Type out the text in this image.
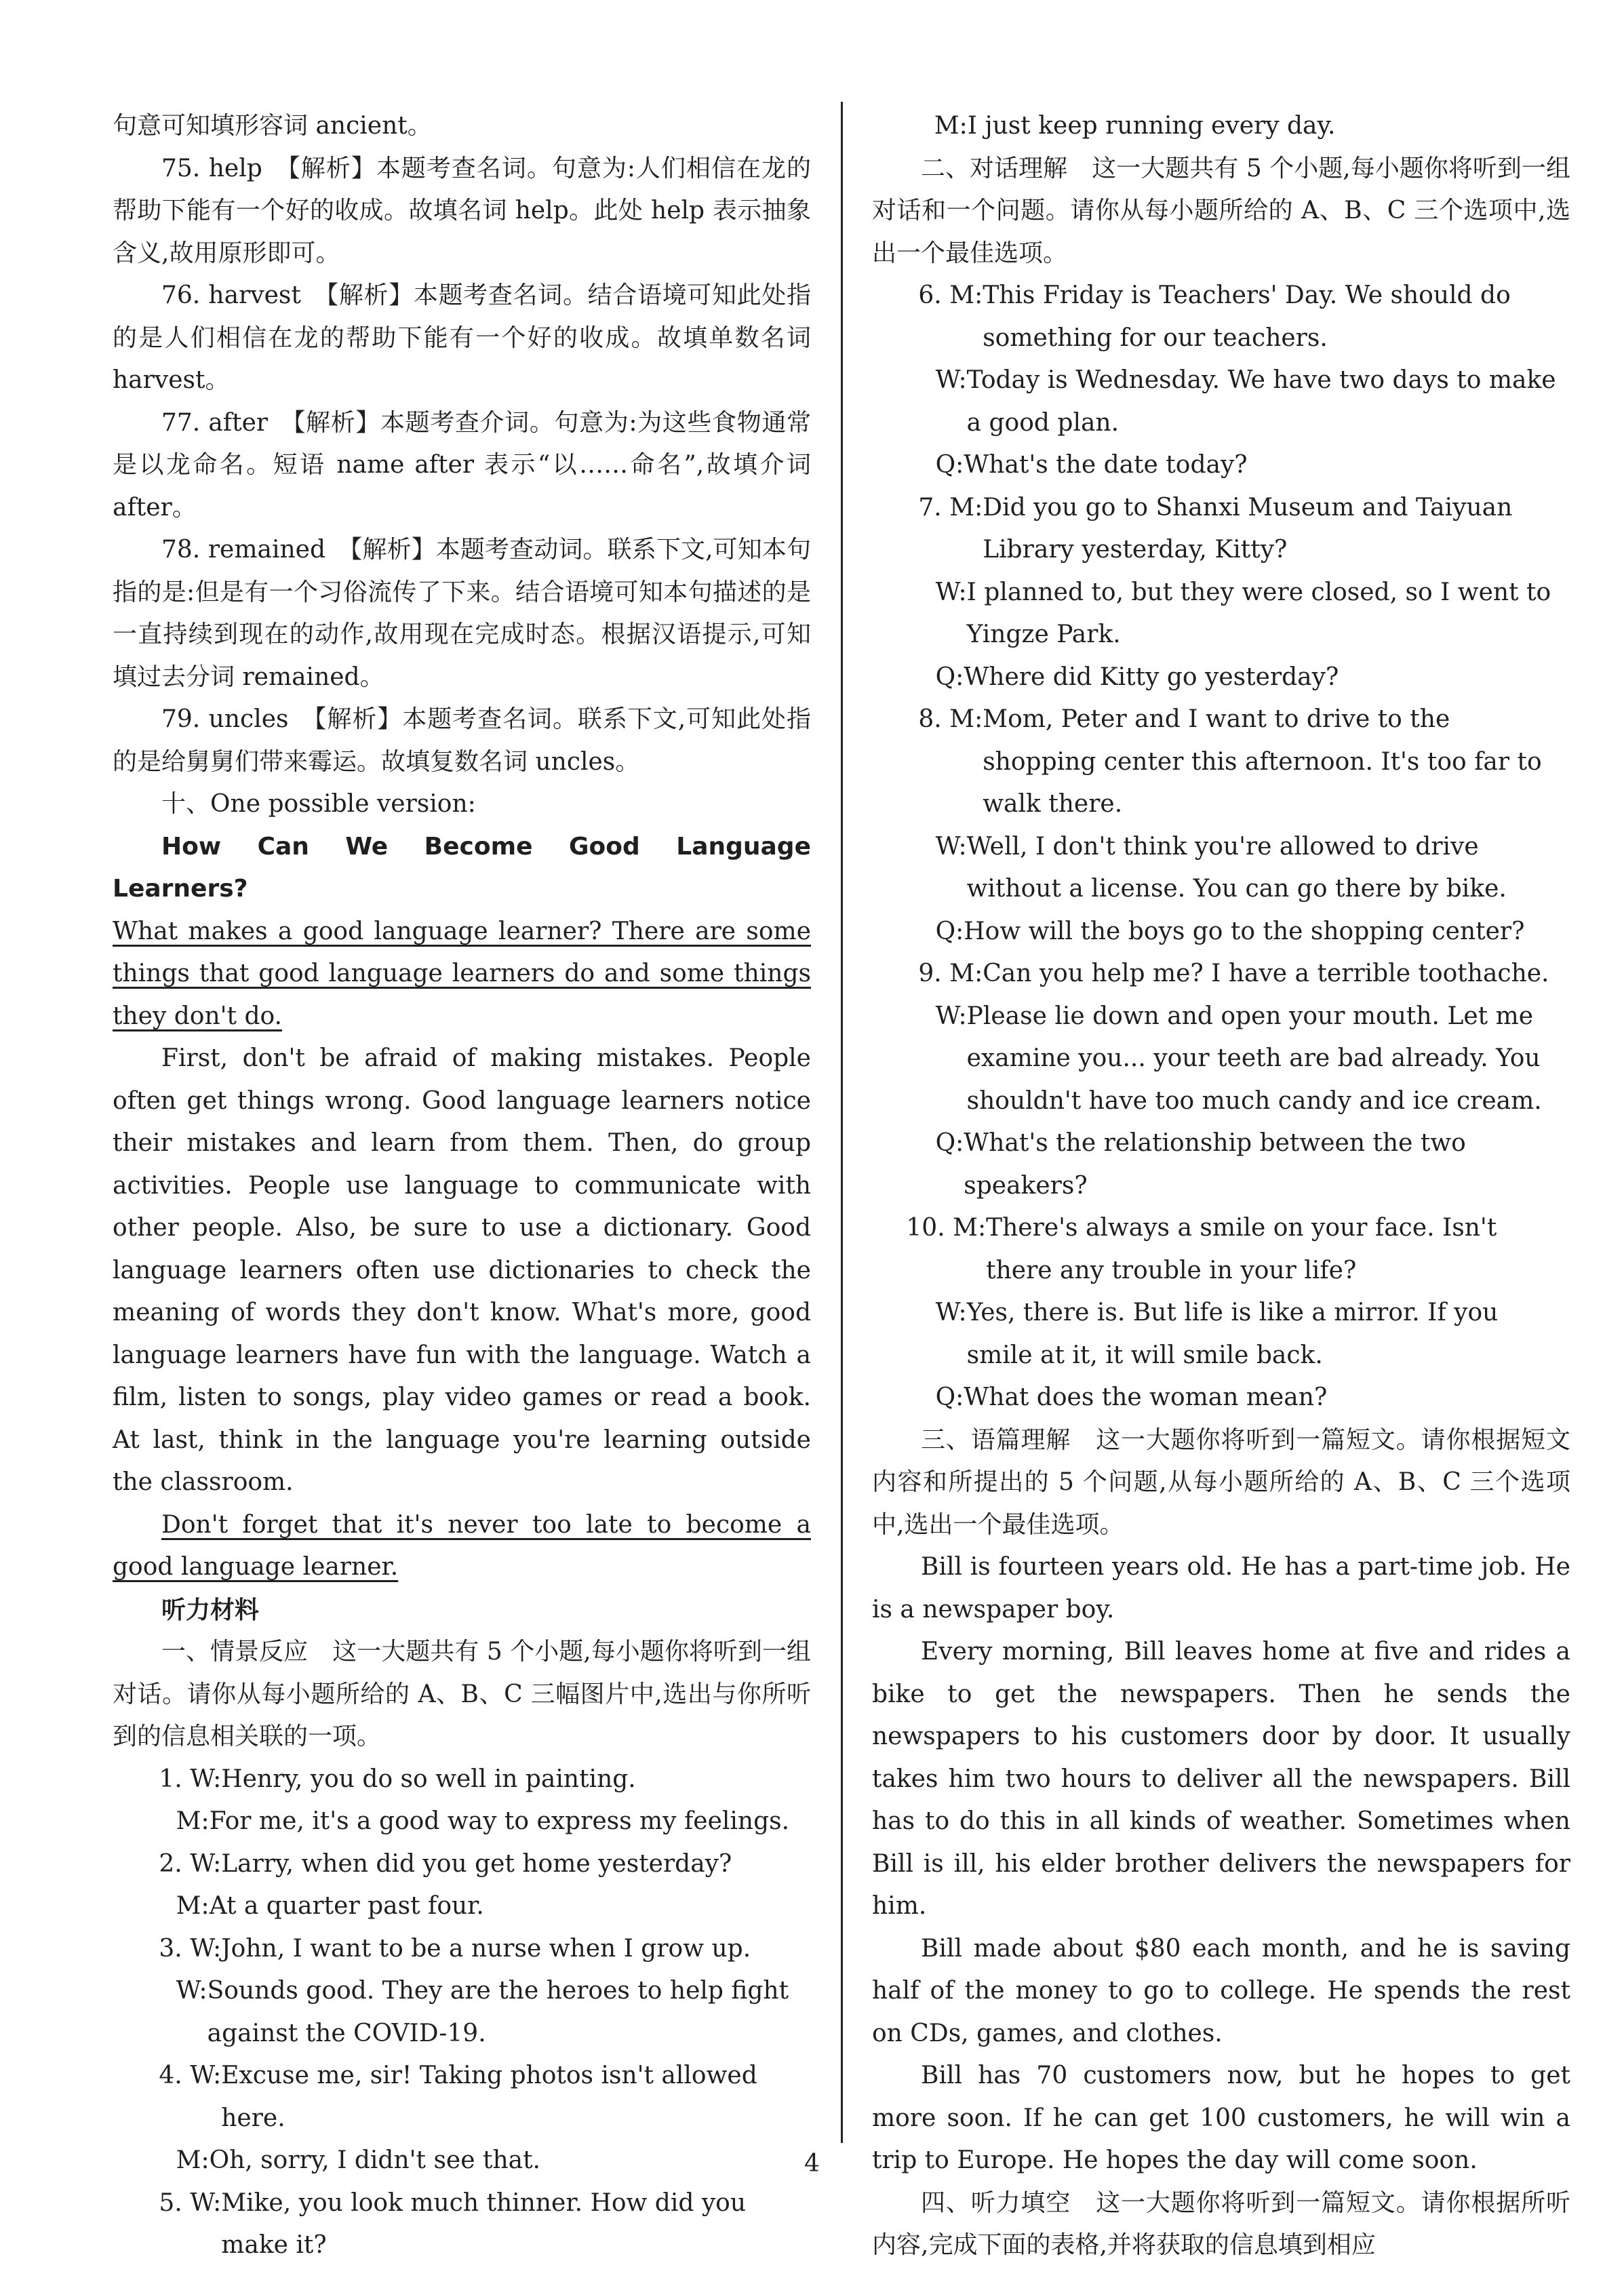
句意可知填形容词 ancient。

75. help　 【解析】本题考查名词。句意为:人们相信在龙的帮助下能有一个好的收成。故填名词 help。此处 help 表示抽象含义,故用原形即可。

76. harvest　 【解析】本题考查名词。结合语境可知此处指的是人们相信在龙的帮助下能有一个好的收成。故填单数名词 harvest。

77. after　 【解析】本题考查介词。句意为:为这些食物通常是以龙命名。短语 name after 表示“以……命名”,故填介词 after。

78. remained　 【解析】本题考查动词。联系下文,可知本句指的是:但是有一个习俗流传了下来。结合语境可知本句描述的是一直持续到现在的动作,故用现在完成时态。根据汉语提示,可知填过去分词 remained。

79. uncles　 【解析】本题考查名词。联系下文,可知此处指的是给舅舅们带来霉运。故填复数名词 uncles。

十、One possible version:

How Can We Become Good Language Learners?

What makes a good language learner? There are some things that good language learners do and some things they don't do.

First, don't be afraid of making mistakes. People often get things wrong. Good language learners notice their mistakes and learn from them. Then, do group activities. People use language to communicate with other people. Also, be sure to use a dictionary. Good language learners often use dictionaries to check the meaning of words they don't know. What's more, good language learners have fun with the language. Watch a film, listen to songs, play video games or read a book. At last, think in the language you're learning outside the classroom.

Don't forget that it's never too late to become a good language learner.

听力材料

一、情景反应　这一大题共有 5 个小题,每小题你将听到一组对话。请你从每小题所给的 A、B、C 三幅图片中,选出与你所听到的信息相关联的一项。

1. W: Henry, you do so well in painting.
M: For me, it's a good way to express my feelings.
2. W: Larry, when did you get home yesterday?
M: At a quarter past four.
3. W: John, I want to be a nurse when I grow up.
W: Sounds good. They are the heroes to help fight against the COVID-19.
4. W: Excuse me, sir! Taking photos isn't allowed here.
M: Oh, sorry, I didn't see that.
5. W: Mike, you look much thinner. How did you make it?
M: I just keep running every day.

二、对话理解　这一大题共有 5 个小题,每小题你将听到一组对话和一个问题。请你从每小题所给的 A、B、C 三个选项中,选出一个最佳选项。

6. M: This Friday is Teachers' Day. We should do something for our teachers.
W: Today is Wednesday. We have two days to make a good plan.
Q: What's the date today?
7. M: Did you go to Shanxi Museum and Taiyuan Library yesterday, Kitty?
W: I planned to, but they were closed, so I went to Yingze Park.
Q: Where did Kitty go yesterday?
8. M: Mom, Peter and I want to drive to the shopping center this afternoon. It's too far to walk there.
W: Well, I don't think you're allowed to drive without a license. You can go there by bike.
Q: How will the boys go to the shopping center?
9. M: Can you help me? I have a terrible toothache.
W: Please lie down and open your mouth. Let me examine you... your teeth are bad already. You shouldn't have too much candy and ice cream.
Q: What's the relationship between the two speakers?
10. M: There's always a smile on your face. Isn't there any trouble in your life?
W: Yes, there is. But life is like a mirror. If you smile at it, it will smile back.
Q: What does the woman mean?

三、语篇理解　这一大题你将听到一篇短文。请你根据短文内容和所提出的 5 个问题,从每小题所给的 A、B、C 三个选项中,选出一个最佳选项。

Bill is fourteen years old. He has a part-time job. He is a newspaper boy.

Every morning, Bill leaves home at five and rides a bike to get the newspapers. Then he sends the newspapers to his customers door by door. It usually takes him two hours to deliver all the newspapers. Bill has to do this in all kinds of weather. Sometimes when Bill is ill, his elder brother delivers the newspapers for him.

Bill made about $80 each month, and he is saving half of the money to go to college. He spends the rest on CDs, games, and clothes.

Bill has 70 customers now, but he hopes to get more soon. If he can get 100 customers, he will win a trip to Europe. He hopes the day will come soon.

四、听力填空　这一大题你将听到一篇短文。请你根据所听内容,完成下面的表格,并将获取的信息填到相应

4
